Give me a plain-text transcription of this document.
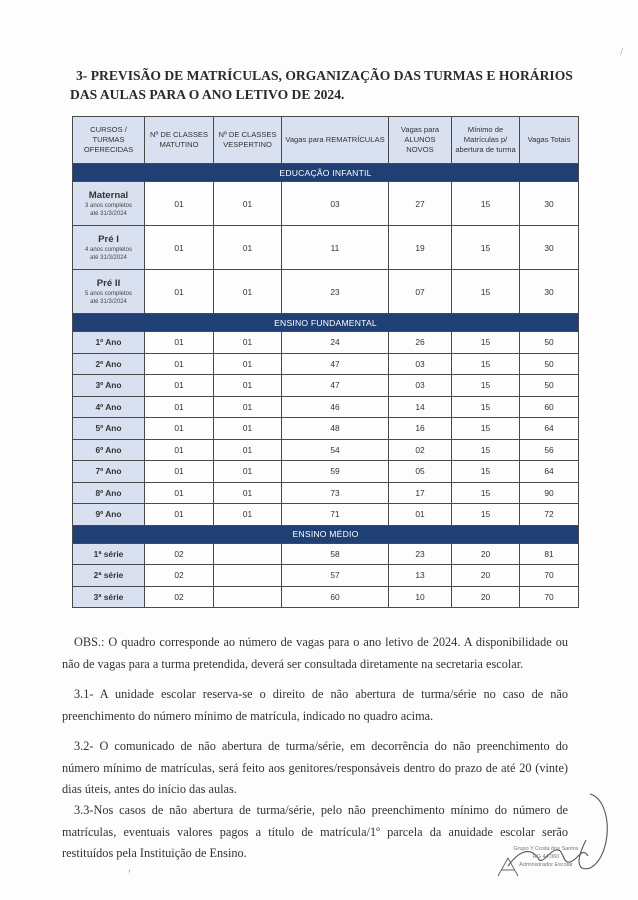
3- PREVISÃO DE MATRÍCULAS, ORGANIZAÇÃO DAS TURMAS E HORÁRIOS
DAS AULAS PARA O ANO LETIVO DE 2024.
CURSOS / TURMAS OFERECIDAS	Nº DE CLASSES MATUTINO	Nº DE CLASSES VESPERTINO	Vagas para REMATRÍCULAS	Vagas para ALUNOS NOVOS	Mínimo de Matrículas p/ abertura de turma	Vagas Totais
EDUCAÇÃO INFANTIL						

Maternal
3 anos completos
até 31/3/2024	01	01	03	27	15	30

Pré I
4 anos completos
até 31/3/2024	01	01	11	19	15	30

Pré II
5 anos completos
até 31/3/2024	01	01	23	07	15	30
ENSINO FUNDAMENTAL						
1º Ano	01	01	24	26	15	50
2º Ano	01	01	47	03	15	50
3º Ano	01	01	47	03	15	50
4º Ano	01	01	46	14	15	60
5º Ano	01	01	48	16	15	64
6º Ano	01	01	54	02	15	56
7º Ano	01	01	59	05	15	64
8º Ano	01	01	73	17	15	90
9º Ano	01	01	71	01	15	72
ENSINO MÉDIO						
1ª série	02		58	23	20	81
2ª série	02		57	13	20	70
3ª série	02		60	10	20	70

OBS.: O quadro corresponde ao número de vagas para o ano letivo de 2024. A disponibilidade ou não de vagas para a turma pretendida, deverá ser consultada diretamente na secretaria escolar.

3.1- A unidade escolar reserva-se o direito de não abertura de turma/série no caso de não preenchimento do número mínimo de matrícula, indicado no quadro acima.

3.2- O comunicado de não abertura de turma/série, em decorrência do não preenchimento do número mínimo de matrículas, será feito aos genitores/responsáveis dentro do prazo de até 20 (vinte) dias úteis, antes do início das aulas.

3.3-Nos casos de não abertura de turma/série, pelo não preenchimento mínimo do número de matrículas, eventuais valores pagos a título de matrícula/1º parcela da anuidade escolar serão restituídos pela Instituição de Ensino.

/
,
Grupo Y Costa dos Santos
RG 44.060
Administrador Escolar
